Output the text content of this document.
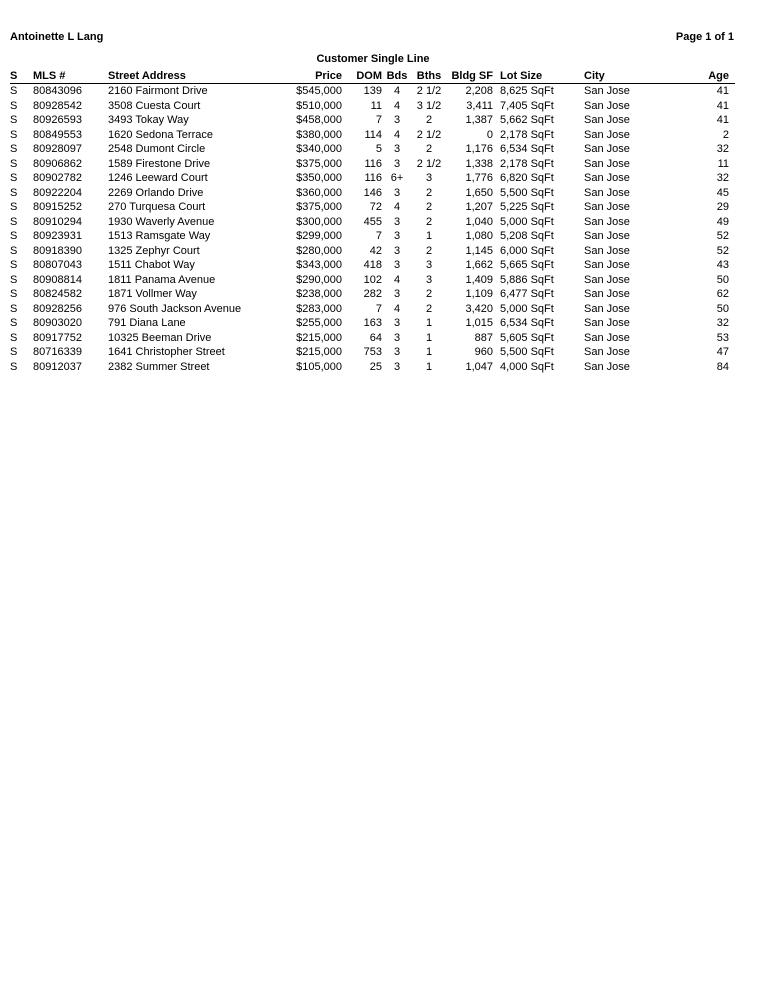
Antoinette L Lang	Page 1 of 1
Customer Single Line
S	MLS #	Street Address	Price	DOM	Bds	Bths	Bldg SF	Lot Size	City	Age
S	80843096	2160 Fairmont Drive	$545,000	139	4	2 1/2	2,208	8,625 SqFt	San Jose	41
S	80928542	3508 Cuesta Court	$510,000	11	4	3 1/2	3,411	7,405 SqFt	San Jose	41
S	80926593	3493 Tokay Way	$458,000	7	3	2	1,387	5,662 SqFt	San Jose	41
S	80849553	1620 Sedona Terrace	$380,000	114	4	2 1/2	0	2,178 SqFt	San Jose	2
S	80928097	2548 Dumont Circle	$340,000	5	3	2	1,176	6,534 SqFt	San Jose	32
S	80906862	1589 Firestone Drive	$375,000	116	3	2 1/2	1,338	2,178 SqFt	San Jose	11
S	80902782	1246 Leeward Court	$350,000	116	6+	3	1,776	6,820 SqFt	San Jose	32
S	80922204	2269 Orlando Drive	$360,000	146	3	2	1,650	5,500 SqFt	San Jose	45
S	80915252	270 Turquesa Court	$375,000	72	4	2	1,207	5,225 SqFt	San Jose	29
S	80910294	1930 Waverly Avenue	$300,000	455	3	2	1,040	5,000 SqFt	San Jose	49
S	80923931	1513 Ramsgate Way	$299,000	7	3	1	1,080	5,208 SqFt	San Jose	52
S	80918390	1325 Zephyr Court	$280,000	42	3	2	1,145	6,000 SqFt	San Jose	52
S	80807043	1511 Chabot Way	$343,000	418	3	3	1,662	5,665 SqFt	San Jose	43
S	80908814	1811 Panama Avenue	$290,000	102	4	3	1,409	5,886 SqFt	San Jose	50
S	80824582	1871 Vollmer Way	$238,000	282	3	2	1,109	6,477 SqFt	San Jose	62
S	80928256	976 South Jackson Avenue	$283,000	7	4	2	3,420	5,000 SqFt	San Jose	50
S	80903020	791 Diana Lane	$255,000	163	3	1	1,015	6,534 SqFt	San Jose	32
S	80917752	10325 Beeman Drive	$215,000	64	3	1	887	5,605 SqFt	San Jose	53
S	80716339	1641 Christopher Street	$215,000	753	3	1	960	5,500 SqFt	San Jose	47
S	80912037	2382 Summer Street	$105,000	25	3	1	1,047	4,000 SqFt	San Jose	84
